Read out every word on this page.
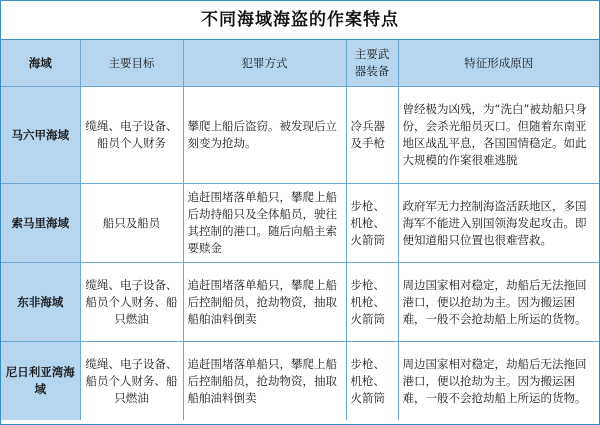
不同海域海盗的作案特点
海域	主要目标	犯罪方式	主要武器装备	特征形成原因
马六甲海域	缆绳、电子设备、船员个人财务	攀爬上船后盗窃。被发现后立刻变为抢劫。	冷兵器及手枪	曾经极为凶残，为“洗白”被劫船只身份，会杀光船员灭口。但随着东南亚地区战乱平息，各国国情稳定。如此大规模的作案很难逃脱
索马里海域	船只及船员	追赶围堵落单船只，攀爬上船后劫持船只及全体船员，驶往其控制的港口。随后向船主索要赎金	步枪、机枪、火箭筒	政府军无力控制海盗活跃地区，多国海军不能进入别国领海发起攻击。即便知道船只位置也很难营救。
东非海域	缆绳、电子设备、船员个人财务、船只燃油	追赶围堵落单船只，攀爬上船后控制船员，抢劫物资，抽取船舶油料倒卖	步枪、机枪、火箭筒	周边国家相对稳定，劫船后无法拖回港口，便以抢劫为主。因为搬运困难，一般不会抢劫船上所运的货物。
尼日利亚湾海域	缆绳、电子设备、船员个人财务、船只燃油	追赶围堵落单船只，攀爬上船后控制船员，抢劫物资，抽取船舶油料倒卖	步枪、机枪、火箭筒	周边国家相对稳定，劫船后无法拖回港口，便以抢劫为主。因为搬运困难，一般不会抢劫船上所运的货物。
